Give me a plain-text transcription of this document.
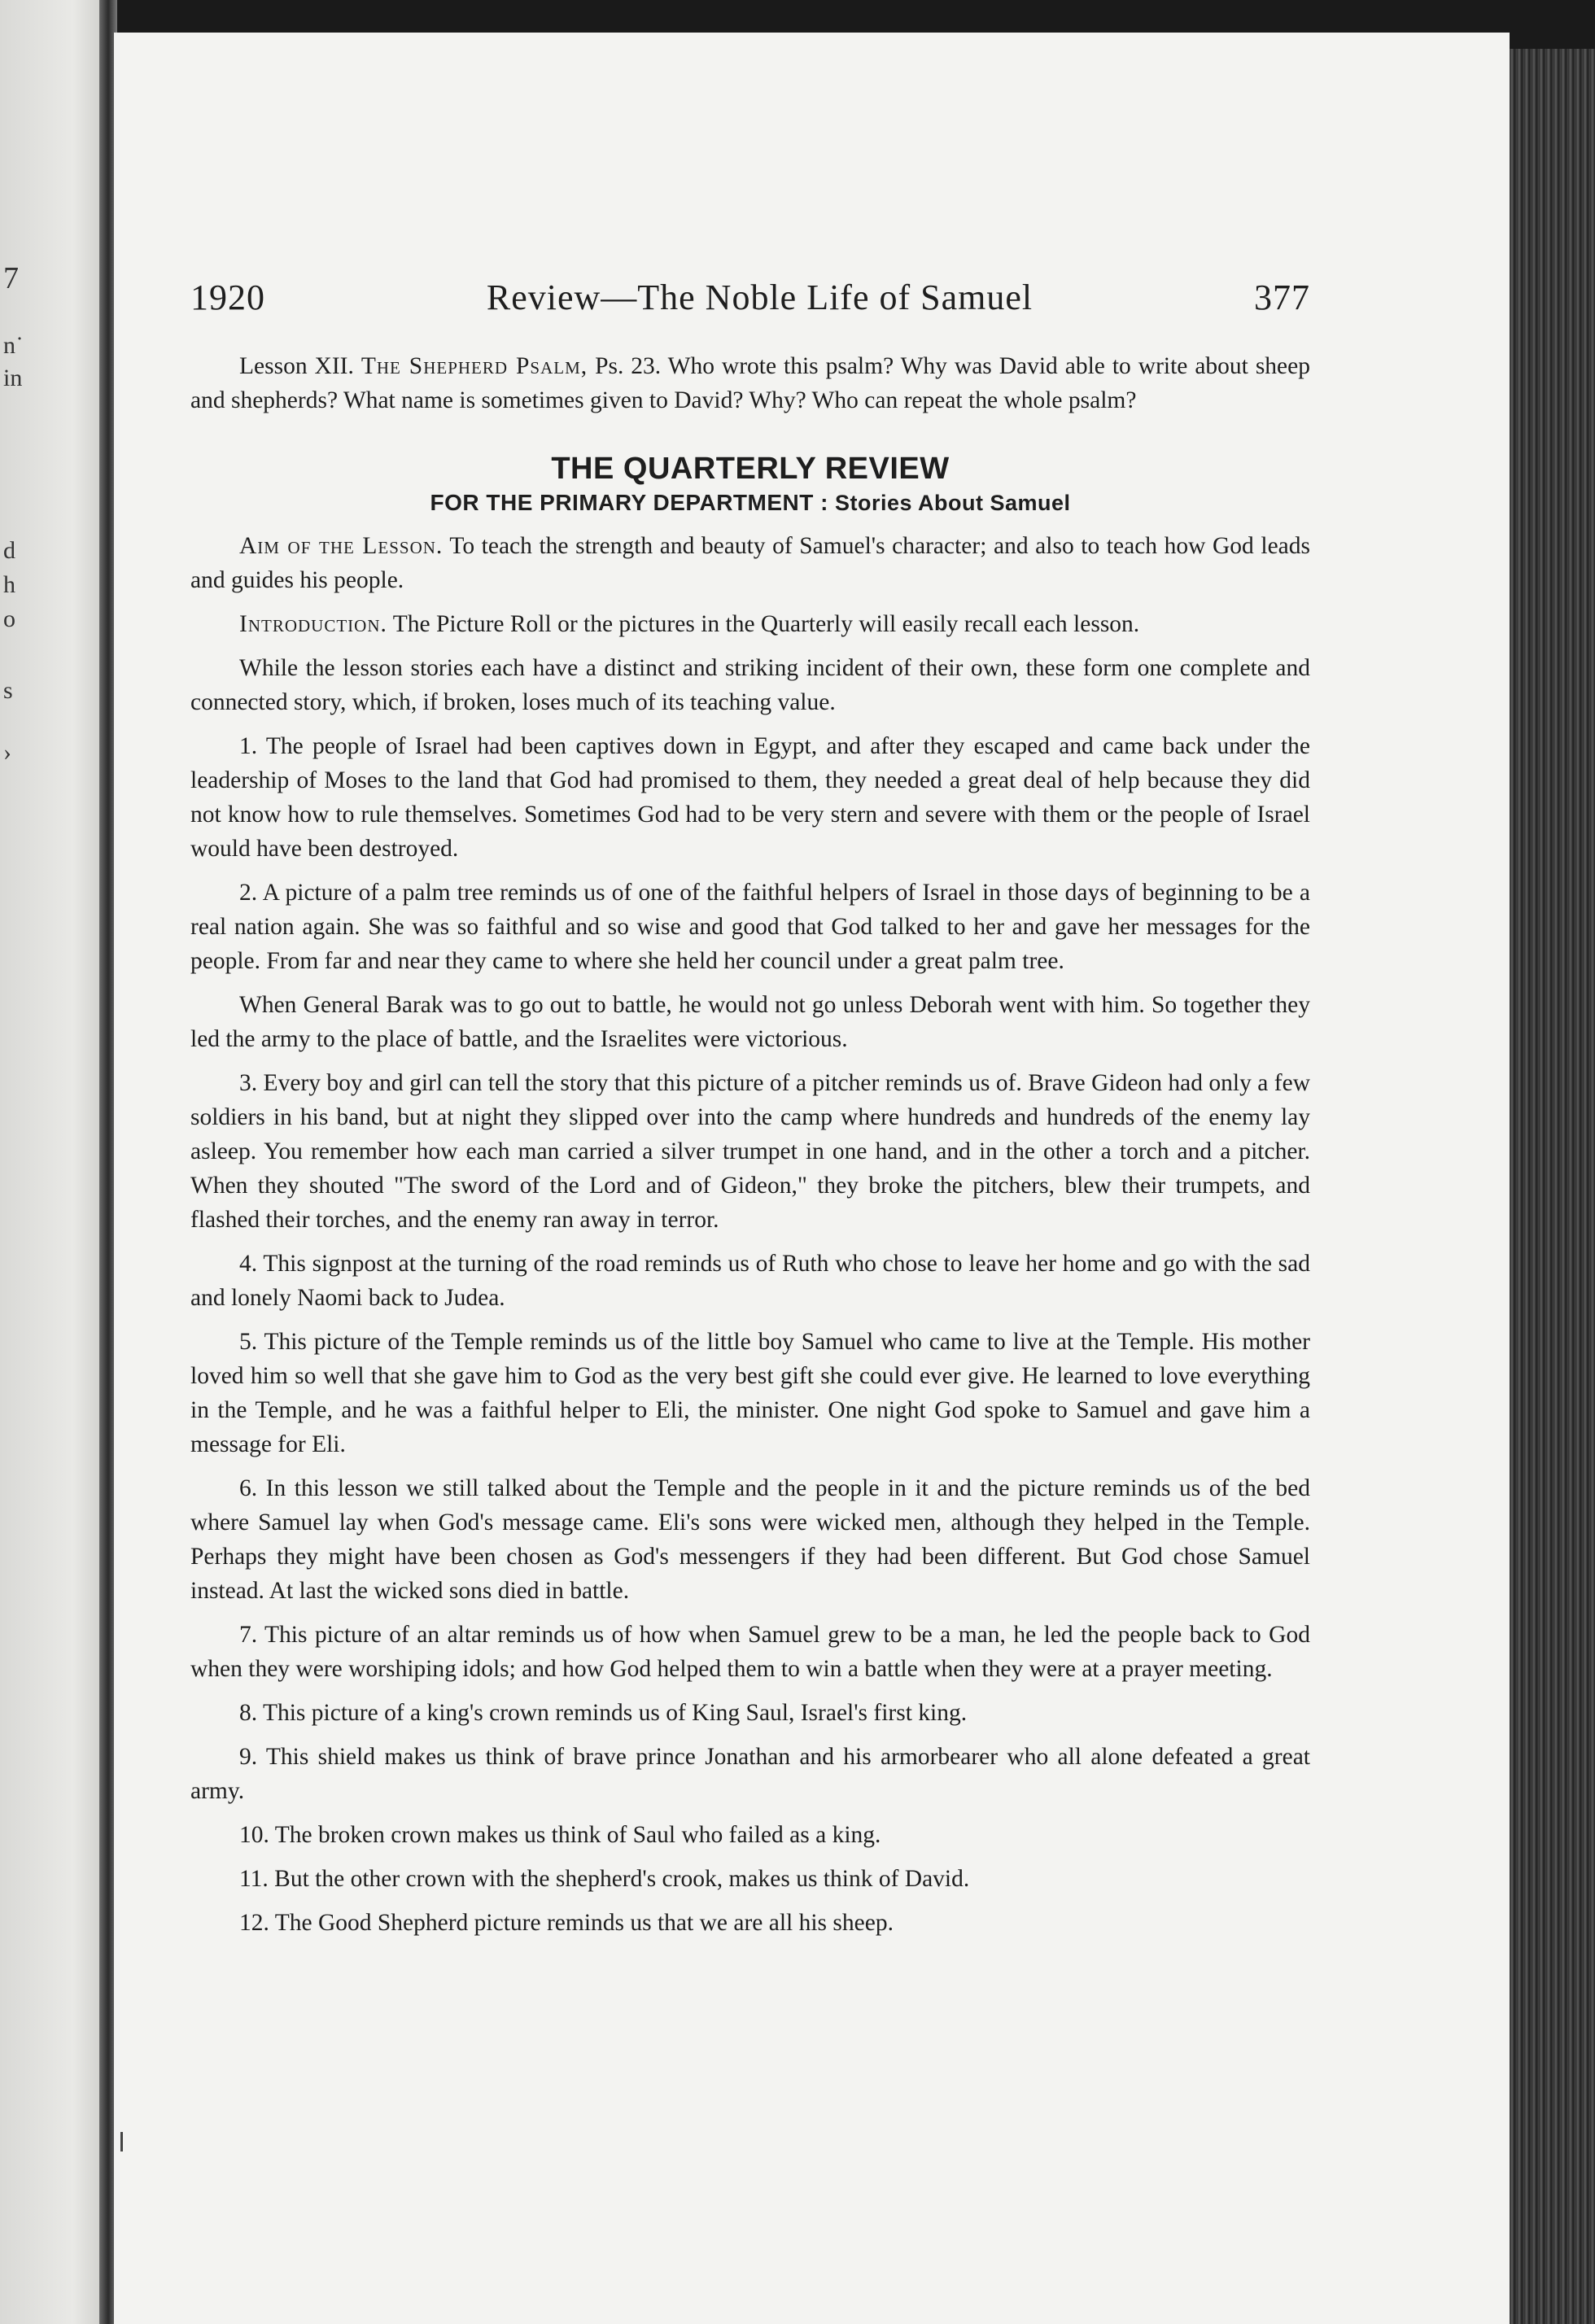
7
n˙
in
d
h
o
s
›
1920	Review—The Noble Life of Samuel	377

Lesson XII. The Shepherd Psalm, Ps. 23. Who wrote this psalm? Why was David able to write about sheep and shepherds? What name is sometimes given to David? Why? Who can repeat the whole psalm?

THE QUARTERLY REVIEW
FOR THE PRIMARY DEPARTMENT : Stories About Samuel

Aim of the Lesson. To teach the strength and beauty of Samuel's character; and also to teach how God leads and guides his people.

Introduction. The Picture Roll or the pictures in the Quarterly will easily recall each lesson.

While the lesson stories each have a distinct and striking incident of their own, these form one complete and connected story, which, if broken, loses much of its teaching value.

1. The people of Israel had been captives down in Egypt, and after they escaped and came back under the leadership of Moses to the land that God had promised to them, they needed a great deal of help because they did not know how to rule themselves. Sometimes God had to be very stern and severe with them or the people of Israel would have been destroyed.

2. A picture of a palm tree reminds us of one of the faithful helpers of Israel in those days of beginning to be a real nation again. She was so faithful and so wise and good that God talked to her and gave her messages for the people. From far and near they came to where she held her council under a great palm tree.

When General Barak was to go out to battle, he would not go unless Deborah went with him. So together they led the army to the place of battle, and the Israelites were victorious.

3. Every boy and girl can tell the story that this picture of a pitcher reminds us of. Brave Gideon had only a few soldiers in his band, but at night they slipped over into the camp where hundreds and hundreds of the enemy lay asleep. You remember how each man carried a silver trumpet in one hand, and in the other a torch and a pitcher. When they shouted "The sword of the Lord and of Gideon," they broke the pitchers, blew their trumpets, and flashed their torches, and the enemy ran away in terror.

4. This signpost at the turning of the road reminds us of Ruth who chose to leave her home and go with the sad and lonely Naomi back to Judea.

5. This picture of the Temple reminds us of the little boy Samuel who came to live at the Temple. His mother loved him so well that she gave him to God as the very best gift she could ever give. He learned to love everything in the Temple, and he was a faithful helper to Eli, the minister. One night God spoke to Samuel and gave him a message for Eli.

6. In this lesson we still talked about the Temple and the people in it and the picture reminds us of the bed where Samuel lay when God's message came. Eli's sons were wicked men, although they helped in the Temple. Perhaps they might have been chosen as God's messengers if they had been different. But God chose Samuel instead. At last the wicked sons died in battle.

7. This picture of an altar reminds us of how when Samuel grew to be a man, he led the people back to God when they were worshiping idols; and how God helped them to win a battle when they were at a prayer meeting.

8. This picture of a king's crown reminds us of King Saul, Israel's first king.

9. This shield makes us think of brave prince Jonathan and his armorbearer who all alone defeated a great army.

10. The broken crown makes us think of Saul who failed as a king.

11. But the other crown with the shepherd's crook, makes us think of David.

12. The Good Shepherd picture reminds us that we are all his sheep.
